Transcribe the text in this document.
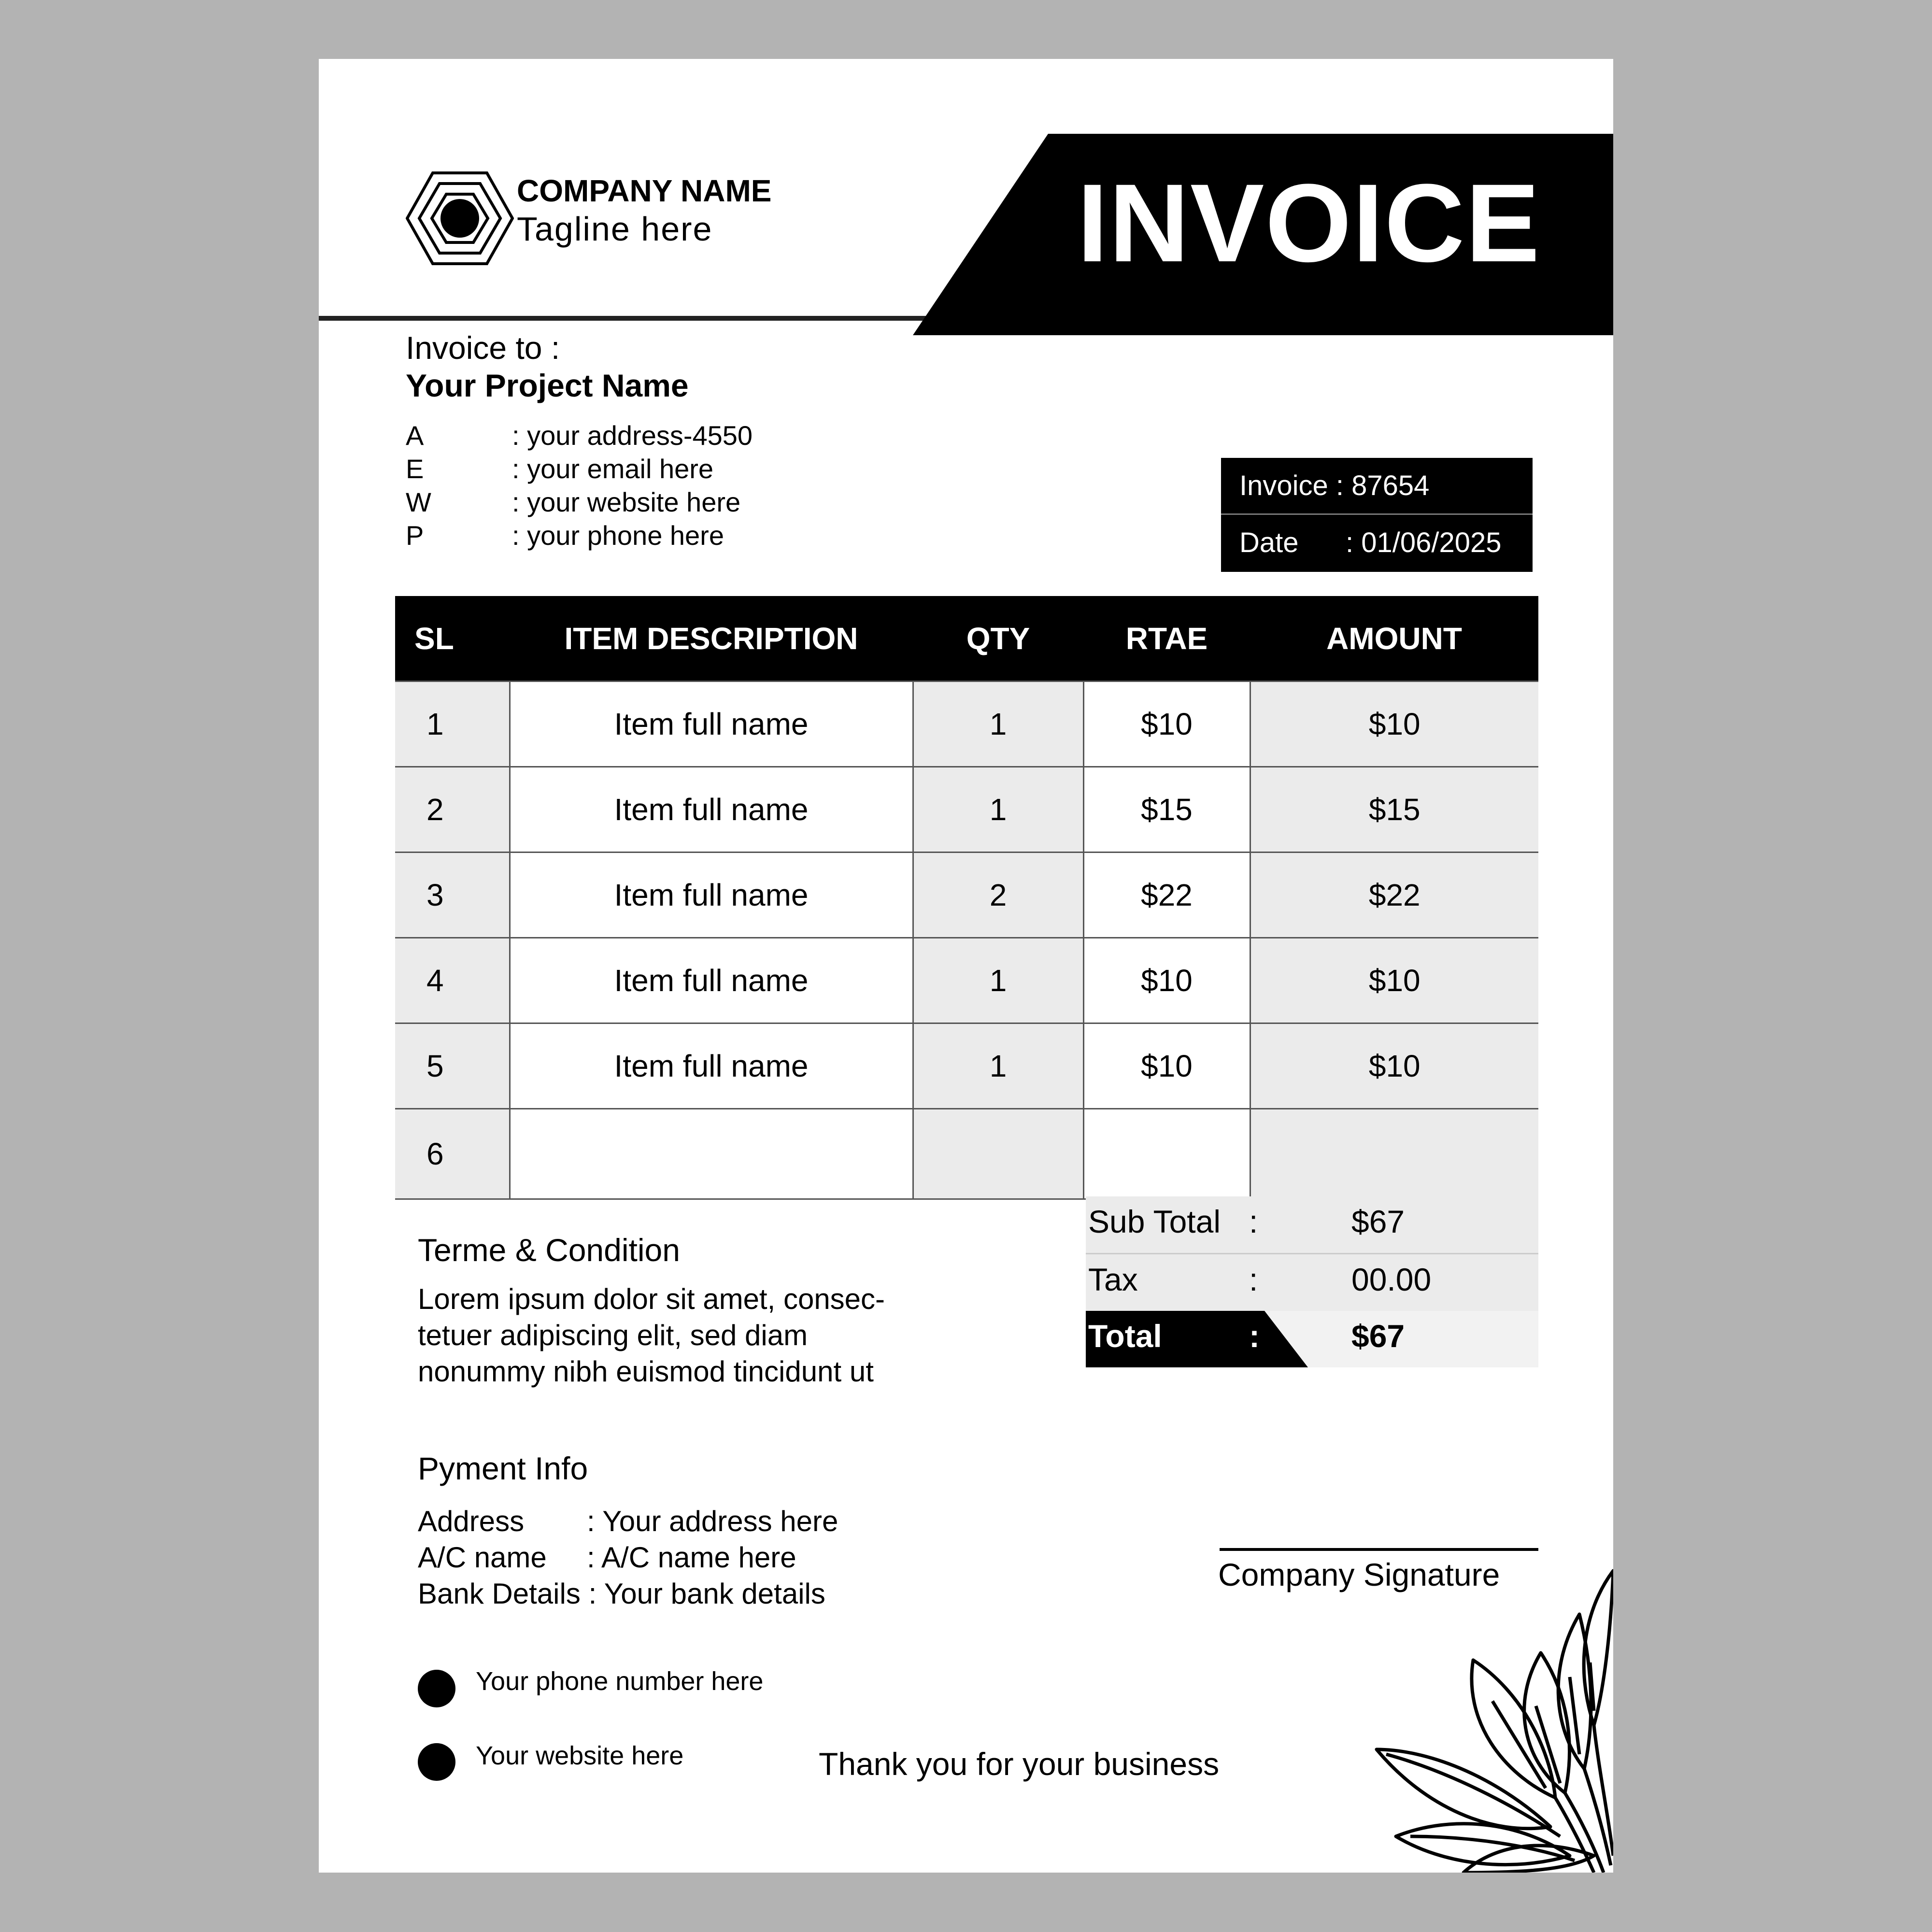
COMPANY NAME
Tagline here	INVOICE
Invoice to :
Your Project Name
A	: your address-4550
E	: your email here
W	: your website here
P	: your phone here
Invoice :
87654
Date	: 01/06/2025
SL	ITEM DESCRIPTION	QTY	RTAE	AMOUNT
1	Item full name	1	$10	$10
2	Item full name	1	$15	$15
3	Item full name	2	$22	$22
4	Item full name	1	$10	$10
5	Item full name	1	$10	$10
6				
Sub Total :	$67
Tax	:	00.00
Total	:	$67
Terme & Condition
Lorem ipsum dolor sit amet, consec-
tetuer adipiscing elit, sed diam
nonummy nibh euismod tincidunt ut
Pyment Info
Address	: Your address here
A/C name	: A/C name here
Bank Details
: Your bank details
Company Signature
Your phone number here
Your website here	Thank you for your business
